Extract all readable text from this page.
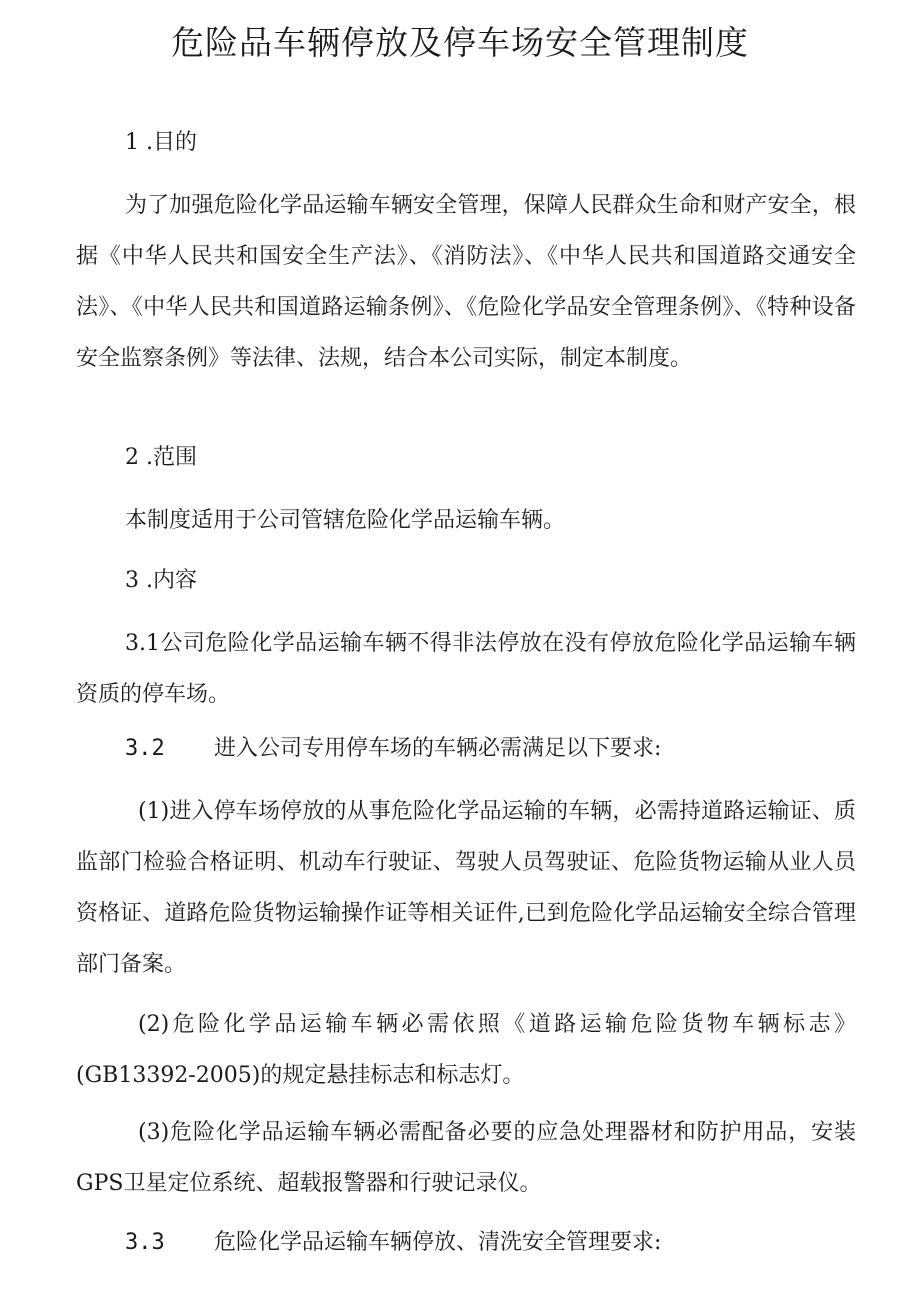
危险品车辆停放及停车场安全管理制度

1 .目的

为了加强危险化学品运输车辆安全管理，保障人民群众生命和财产安全，根据《中华人民共和国安全生产法》、《消防法》、《中华人民共和国道路交通安全法》、《中华人民共和国道路运输条例》、《危险化学品安全管理条例》、《特种设备安全监察条例》等法律、法规，结合本公司实际，制定本制度。

2 .范围

本制度适用于公司管辖危险化学品运输车辆。

3 .内容

3.1公司危险化学品运输车辆不得非法停放在没有停放危险化学品运输车辆资质的停车场。

3.2 进入公司专用停车场的车辆必需满足以下要求:

(1)进入停车场停放的从事危险化学品运输的车辆，必需持道路运输证、质监部门检验合格证明、机动车行驶证、驾驶人员驾驶证、危险货物运输从业人员资格证、道路危险货物运输操作证等相关证件,已到危险化学品运输安全综合管理部门备案。

(2)危险化学品运输车辆必需依照《道路运输危险货物车辆标志》(GB13392-2005)的规定悬挂标志和标志灯。

(3)危险化学品运输车辆必需配备必要的应急处理器材和防护用品，安装GPS卫星定位系统、超载报警器和行驶记录仪。

3.3 危险化学品运输车辆停放、清洗安全管理要求:
